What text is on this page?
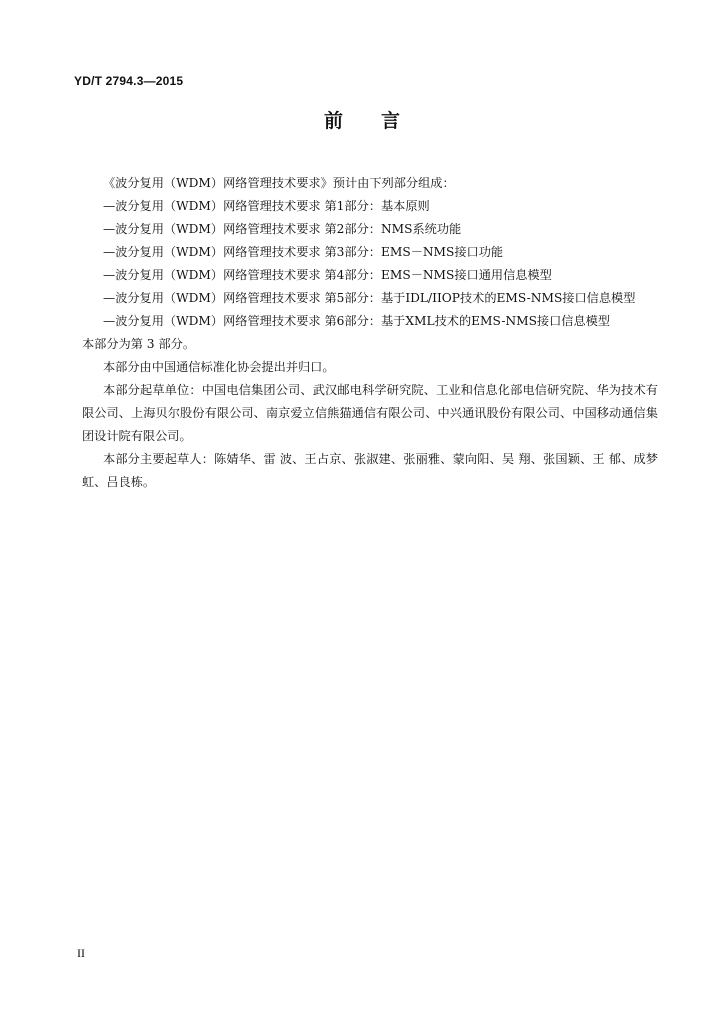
YD/T 2794.3—2015
前言

《波分复用（WDM）网络管理技术要求》预计由下列部分组成：

—波分复用（WDM）网络管理技术要求 第1部分：基本原则

—波分复用（WDM）网络管理技术要求 第2部分：NMS系统功能

—波分复用（WDM）网络管理技术要求 第3部分：EMS－NMS接口功能

—波分复用（WDM）网络管理技术要求 第4部分：EMS－NMS接口通用信息模型

—波分复用（WDM）网络管理技术要求 第5部分：基于IDL/IIOP技术的EMS-NMS接口信息模型

—波分复用（WDM）网络管理技术要求 第6部分：基于XML技术的EMS-NMS接口信息模型

本部分为第 3 部分。

本部分由中国通信标准化协会提出并归口。

本部分起草单位：中国电信集团公司、武汉邮电科学研究院、工业和信息化部电信研究院、华为技术有限公司、上海贝尔股份有限公司、南京爱立信熊猫通信有限公司、中兴通讯股份有限公司、中国移动通信集团设计院有限公司。

本部分主要起草人：陈婧华、雷 波、王占京、张淑建、张丽雅、蒙向阳、吴 翔、张国颖、王 郁、成梦虹、吕良栋。

II
